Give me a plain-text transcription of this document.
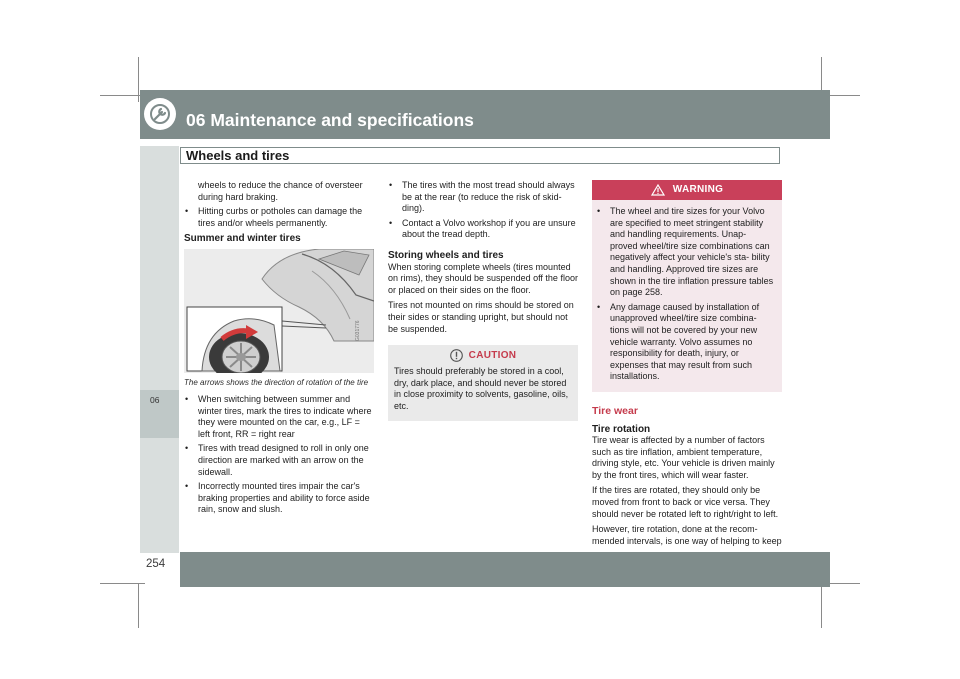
06 Maintenance and specifications
Wheels and tires
06
254
wheels to reduce the chance of oversteer during hard braking.
• Hitting curbs or potholes can damage the tires and/or wheels permanently.
Summer and winter tires
G031776
The arrows shows the direction of rotation of the tire
• When switching between summer and winter tires, mark the tires to indicate where they were mounted on the car, e.g., LF = left front, RR = right rear
• Tires with tread designed to roll in only one direction are marked with an arrow on the sidewall.
• Incorrectly mounted tires impair the car's braking properties and ability to force aside rain, snow and slush.
• The tires with the most tread should always be at the rear (to reduce the risk of skid- ding).
• Contact a Volvo workshop if you are unsure about the tread depth.
Storing wheels and tires

When storing complete wheels (tires mounted on rims), they should be suspended off the floor or placed on their sides on the floor.

Tires not mounted on rims should be stored on their sides or standing upright, but should not be suspended.

CAUTION
Tires should preferably be stored in a cool, dry, dark place, and should never be stored in close proximity to solvents, gasoline, oils, etc.
WARNING
• The wheel and tire sizes for your Volvo are specified to meet stringent stability and handling requirements. Unap- proved wheel/tire size combinations can negatively affect your vehicle's sta- bility and handling. Approved tire sizes are shown in the tire inflation pressure tables on page 258.
• Any damage caused by installation of unapproved wheel/tire size combina- tions will not be covered by your new vehicle warranty. Volvo assumes no responsibility for death, injury, or expenses that may result from such installations.
Tire wear
Tire rotation

Tire wear is affected by a number of factors such as tire inflation, ambient temperature, driving style, etc. Your vehicle is driven mainly by the front tires, which will wear faster.

If the tires are rotated, they should only be moved from front to back or vice versa. They should never be rotated left to right/right to left.

However, tire rotation, done at the recom- mended intervals, is one way of helping to keep
